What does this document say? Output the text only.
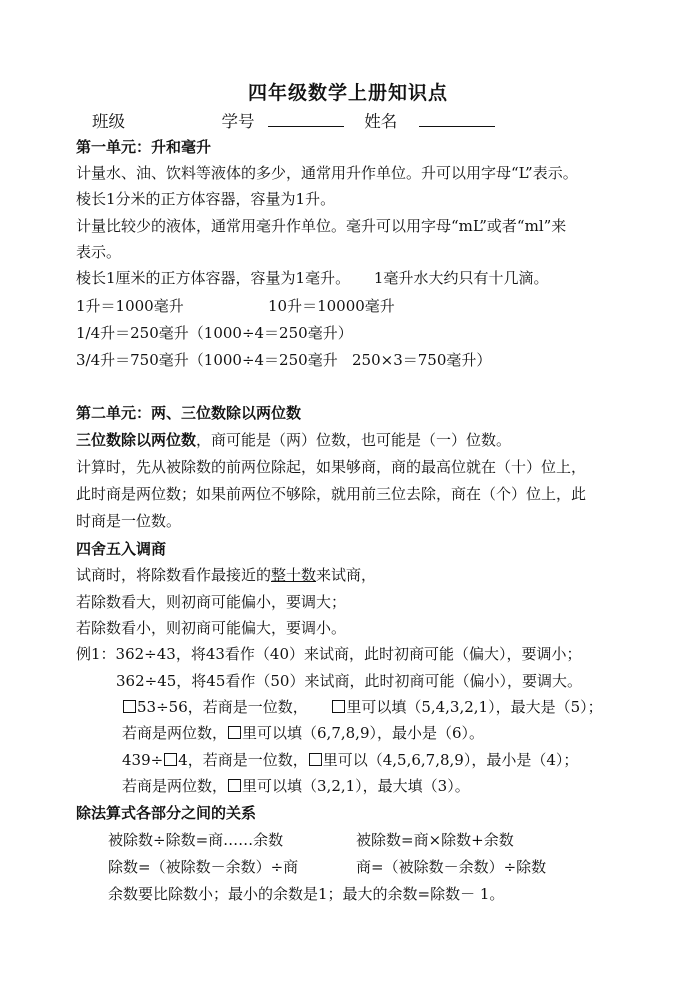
四年级数学上册知识点
班级	学号	姓名
第一单元：升和毫升
计量水、油、饮料等液体的多少，通常用升作单位。升可以用字母“L”表示。
棱长1分米的正方体容器，容量为1升。
计量比较少的液体，通常用毫升作单位。毫升可以用字母“mL”或者“ml”来
表示。
棱长1厘米的正方体容器，容量为1毫升。     1毫升水大约只有十几滴。
1升＝1000毫升	10升＝10000毫升
1/4升＝250毫升（1000÷4＝250毫升）
3/4升＝750毫升（1000÷4＝250毫升   250×3＝750毫升）
第二单元：两、三位数除以两位数
三位数除以两位数，商可能是（两）位数，也可能是（一）位数。
计算时，先从被除数的前两位除起，如果够商，商的最高位就在（十）位上，
此时商是两位数；如果前两位不够除，就用前三位去除，商在（个）位上，此
时商是一位数。
四舍五入调商
试商时，将除数看作最接近的整十数来试商，
若除数看大，则初商可能偏小，要调大；
若除数看小，则初商可能偏大，要调小。
例1：362÷43，将43看作（40）来试商，此时初商可能（偏大），要调小；
362÷45，将45看作（50）来试商，此时初商可能（偏小），要调大。
53÷56，若商是一位数，	里可以填（5,4,3,2,1），最大是（5）；
若商是两位数， 里可以填（6,7,8,9），最小是（6）。
439÷ 4，若商是一位数， 里可以（4,5,6,7,8,9），最小是（4）；
若商是两位数， 里可以填（3,2,1），最大填（3）。
除法算式各部分之间的关系
被除数÷除数=商……余数	被除数=商×除数+余数
除数=（被除数－余数）÷商	商=（被除数－余数）÷除数
余数要比除数小；最小的余数是1；最大的余数=除数－ 1。
